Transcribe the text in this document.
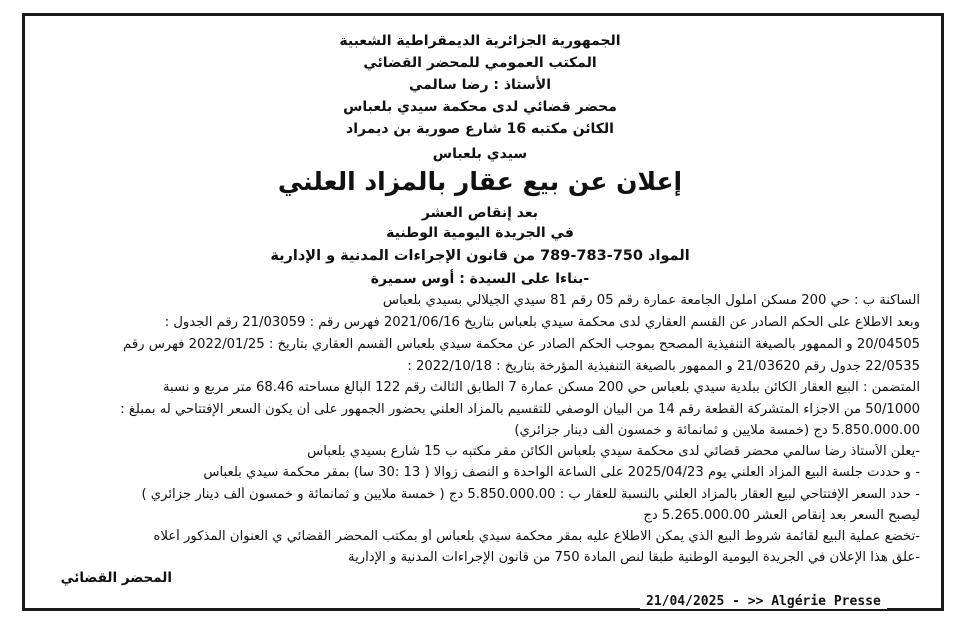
الجمهورية الجزائرية الديمقراطية الشعبية
المكتب العمومي للمحضر القضائي
الأستاذ : رضا سالمي
محضر قضائي لدى محكمة سيدي بلعباس
الكائن مكتبه 16 شارع صورية بن ديمراد
سيدي بلعباس
إعلان عن بيع عقار بالمزاد العلني
بعد إنقاص العشر
في الجريدة اليومية الوطنية
المواد 750-783-789 من قانون الإجراءات المدنية و الإدارية
-بناءا على السيدة : أوس سميرة
الساكنة ب : حي 200 مسكن املول الجامعة عمارة رقم 05 رقم 81 سيدي الجيلالي بسيدي بلعباس
وبعد الاطلاع على الحكم الصادر عن القسم العقاري لدى محكمة سيدي بلعباس بتاريخ 2021/06/16 فهرس رقم : 21/03059 رقم الجدول :
20/04505 و الممهور بالصيغة التنفيذية المصحح بموجب الحكم الصادر عن محكمة سيدي بلعباس القسم العقاري بتاريخ : 2022/01/25 فهرس رقم
22/0535 جدول رقم 21/03620 و الممهور بالصيغة التنفيذية المؤرخة بتاريخ : 2022/10/18 :
المتضمن : البيع العقار الكائن ببلدية سيدي بلعباس حي 200 مسكن عمارة 7 الطابق الثالث رقم 122 البالغ مساحته 68.46 متر مربع و نسبة
50/1000 من الاجزاء المتشركة القطعة رقم 14 من البيان الوصفي للتقسيم بالمزاد العلني بحضور الجمهور على أن يكون السعر الإفتتاحي له بمبلغ :
5.850.000.00 دج (خمسة ملايين و ثمانمائة و خمسون ألف دينار جزائري)
-يعلن الأستاذ رضا سالمي محضر قضائي لدى محكمة سيدي بلعباس الكائن مقر مكتبه ب 15 شارع بسيدي بلعباس
- و حددت جلسة البيع المزاد العلني يوم 2025/04/23 على الساعة الواحدة و النصف زوالا ( 13 :30 سا) بمقر محكمة سيدي بلعباس
- حدد السعر الإفتتاحي لبيع العقار بالمزاد العلني بالنسبة للعقار ب : 5.850.000.00 دج ( خمسة ملايين و ثمانمائة و خمسون ألف دينار جزائري )
ليصبح السعر بعد إنقاص العشر 5.265.000.00 دج
-تخضع عملية البيع لقائمة شروط البيع الذي يمكن الاطلاع عليه بمقر محكمة سيدي بلعباس أو بمكتب المحضر القضائي ي العنوان المذكور أعلاه
-علق هذا الإعلان في الجريدة اليومية الوطنية طبقا لنص المادة 750 من قانون الإجراءات المدنية و الإدارية
المحضر القضائي
21/04/2025 - >> Algérie Presse
